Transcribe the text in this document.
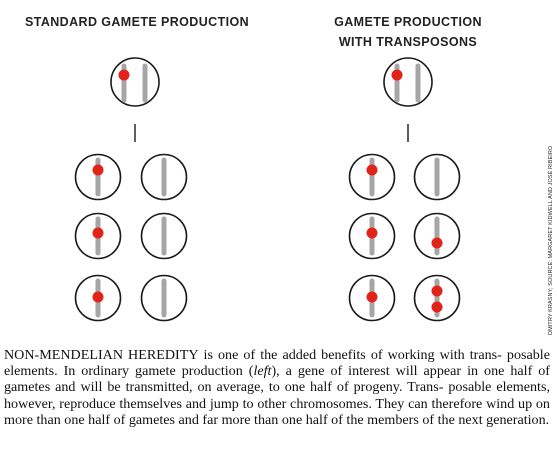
STANDARD GAMETE PRODUCTION	GAMETE PRODUCTION
WITH TRANSPOSONS
DMITRY KRASNY; SOURCE: MARGARET KIDWELL AND JOSÉ RIBEIRO
NON-MENDELIAN HEREDITY is one of the added benefits of working with trans- posable elements. In ordinary gamete production (left), a gene of interest will appear in one half of gametes and will be transmitted, on average, to one half of progeny. Trans- posable elements, however, reproduce themselves and jump to other chromosomes. They can therefore wind up on more than one half of gametes and far more than one half of the members of the next generation.
